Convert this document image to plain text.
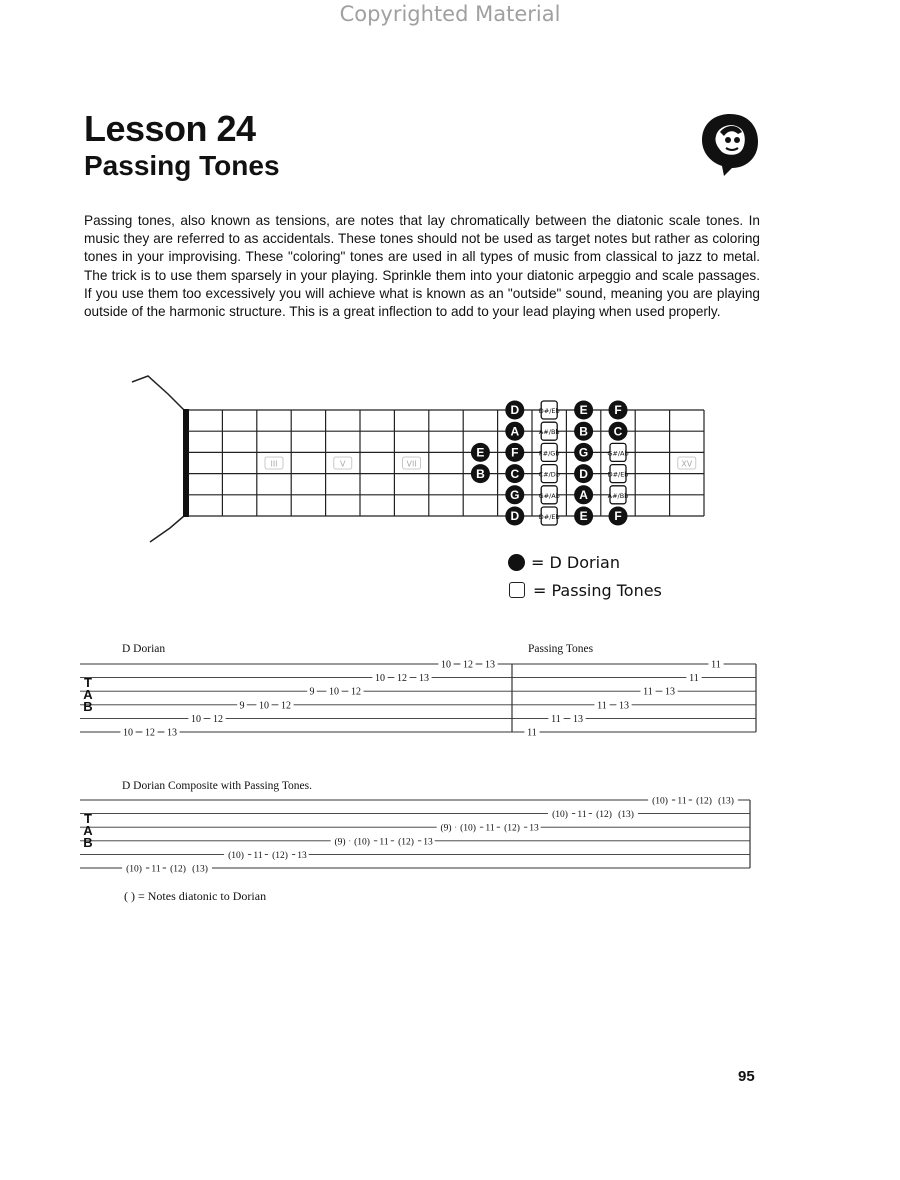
Copyrighted Material
Lesson 24
Passing Tones
Passing tones, also known as tensions, are notes that lay chromatically between the diatonic scale tones. In music they are referred to as accidentals. These tones should not be used as target notes but rather as coloring tones in your improvising. These "coloring" tones are used in all types of music from classical to jazz to metal. The trick is to use them sparsely in your playing. Sprinkle them into your diatonic arpeggio and scale passages. If you use them too excessively you will achieve what is known as an "outside" sound, meaning you are playing outside of the harmonic structure. This is a great inflection to add to your lead playing when used properly.
III	V	VII	XV
D#/Eb
A#/Bb
F#/Gb	G#/Ab
C#/Db	D#/Eb
G#/Ab	A#/Bb
D#/Eb
D	E F
A	B C
E F	G
B C	D
G	A
D	E F
= D Dorian
= Passing Tones
D Dorian	Passing Tones
T
A
B
10 12 13
10 12
9 10 12
9 10 12
10 12 13
10 12 13
11
11 13
11 13
11 13
11
11
D Dorian Composite with Passing Tones.
T
A
B
(10) 11 (12) (13)
(10) 11 (12) 13
(9) (10) 11 (12) 13
(9) (10) 11 (12) 13
(10) 11 (12) (13)
(10) 11 (12) (13)
( ) = Notes diatonic to Dorian
95
